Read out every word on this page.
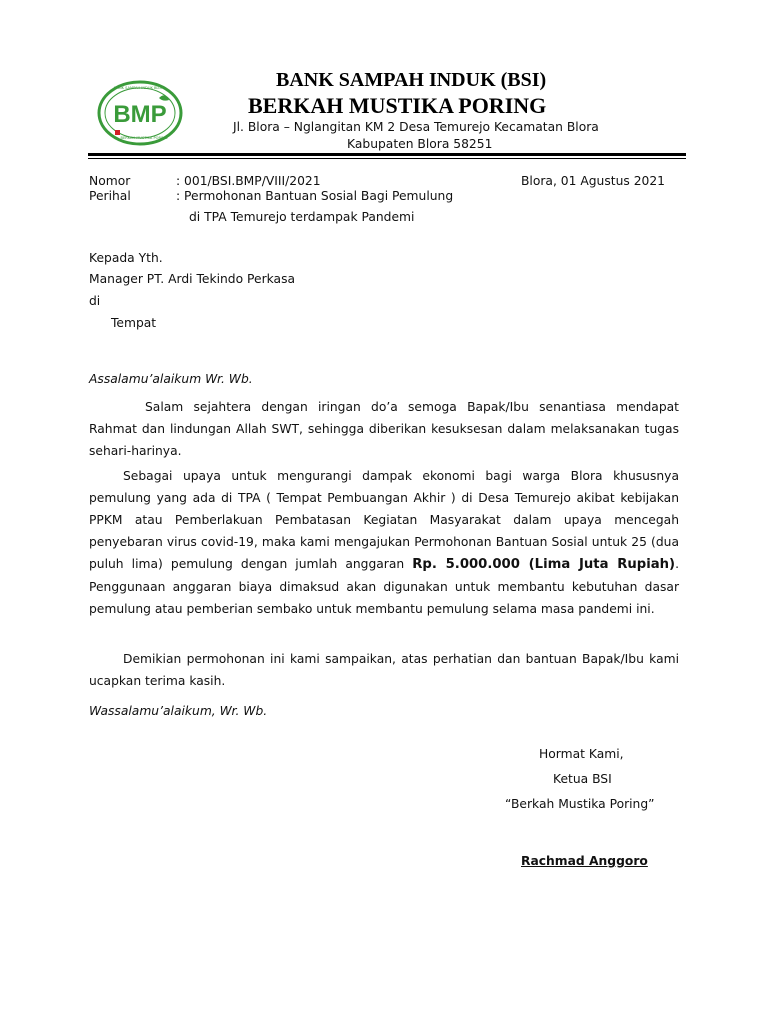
BMP
BANK SAMPAH INDUK BLORA
BERKAH MUSTIKA PORING
BANK SAMPAH INDUK (BSI)
BERKAH MUSTIKA PORING
Jl. Blora – Nglangitan KM 2 Desa Temurejo Kecamatan Blora
Kabupaten Blora 58251
Nomor	: 001/BSI.BMP/VIII/2021	Blora, 01 Agustus 2021
Perihal	: Permohonan Bantuan Sosial Bagi Pemulung
di TPA Temurejo terdampak Pandemi
Kepada Yth.
Manager PT. Ardi Tekindo Perkasa
di
Tempat
Assalamu’alaikum Wr. Wb.
Salam sejahtera dengan iringan do’a semoga Bapak/Ibu senantiasa mendapat Rahmat dan lindungan Allah SWT, sehingga diberikan kesuksesan dalam melaksanakan tugas sehari-harinya.
Sebagai upaya untuk mengurangi dampak ekonomi bagi warga Blora khususnya pemulung yang ada di TPA ( Tempat Pembuangan Akhir ) di Desa Temurejo akibat kebijakan PPKM atau Pemberlakuan Pembatasan Kegiatan Masyarakat dalam upaya mencegah penyebaran virus covid-19, maka kami mengajukan Permohonan Bantuan Sosial untuk 25 (dua puluh lima) pemulung dengan jumlah anggaran Rp. 5.000.000 (Lima Juta Rupiah). Penggunaan anggaran biaya dimaksud akan digunakan untuk membantu kebutuhan dasar pemulung atau pemberian sembako untuk membantu pemulung selama masa pandemi ini.
Demikian permohonan ini kami sampaikan, atas perhatian dan bantuan Bapak/Ibu kami ucapkan terima kasih.
Wassalamu’alaikum, Wr. Wb.
Hormat Kami,
Ketua BSI
“Berkah Mustika Poring”
Rachmad Anggoro
